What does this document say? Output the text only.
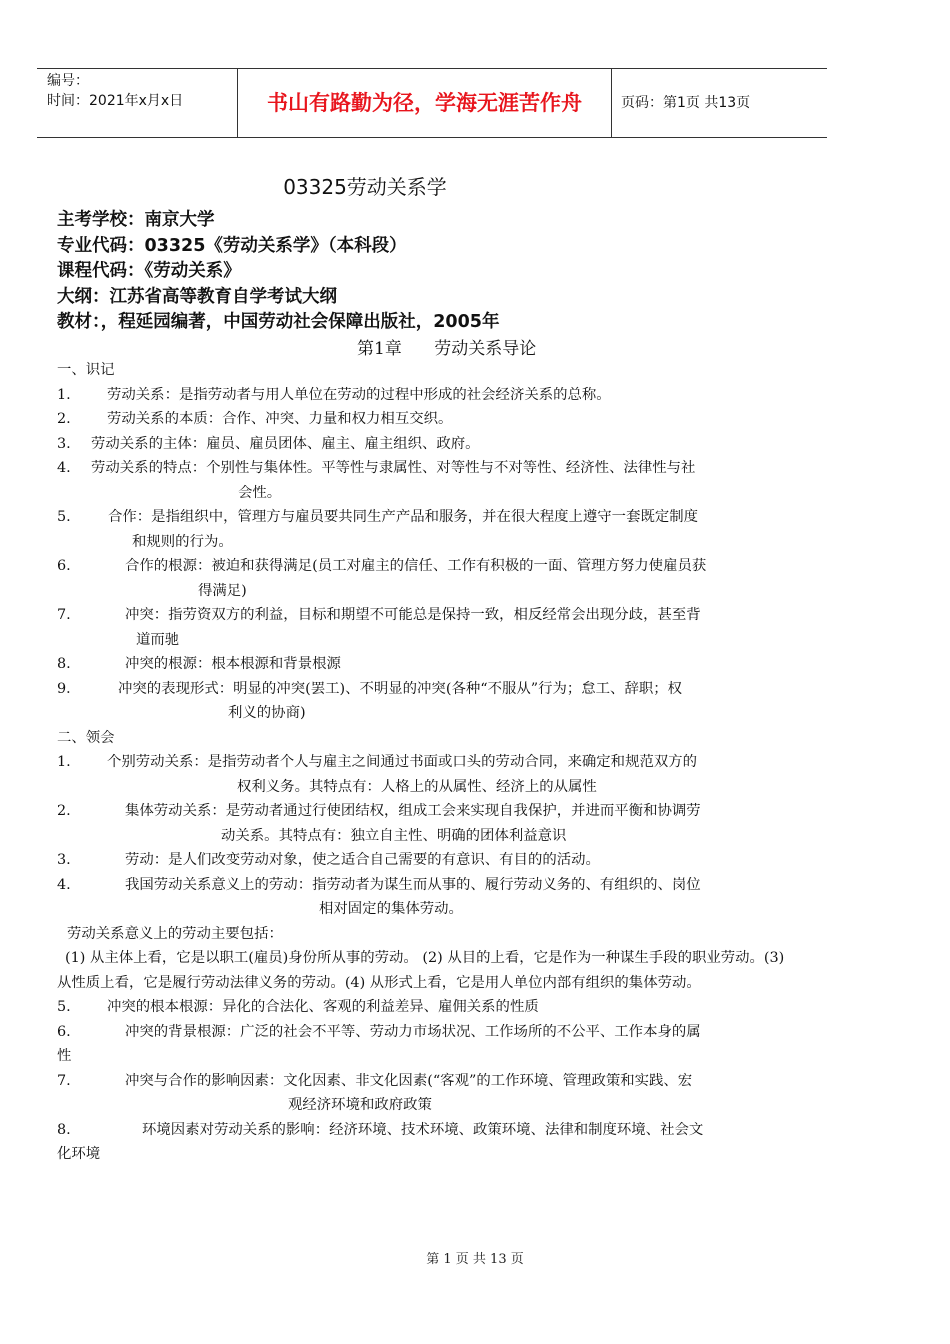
编号：
时间：2021年x月x日	书山有路勤为径，学海无涯苦作舟	页码：第1页 共13页
03325劳动关系学
主考学校：南京大学
专业代码：03325《劳动关系学》（本科段）
课程代码：《劳动关系》
大纲：江苏省高等教育自学考试大纲
教材：，程延园编著，中国劳动社会保障出版社，2005年
第1章      劳动关系导论
一、识记
1.	劳动关系：是指劳动者与用人单位在劳动的过程中形成的社会经济关系的总称。
2.	劳动关系的本质：合作、冲突、力量和权力相互交织。
3. 劳动关系的主体：雇员、雇员团体、雇主、雇主组织、政府。
4. 劳动关系的特点：个别性与集体性。平等性与隶属性、对等性与不对等性、经济性、法律性与社
会性。
5.	合作：是指组织中，管理方与雇员要共同生产产品和服务，并在很大程度上遵守一套既定制度
和规则的行为。
6.	合作的根源：被迫和获得满足(员工对雇主的信任、工作有积极的一面、管理方努力使雇员获
得满足)
7.	冲突：指劳资双方的利益，目标和期望不可能总是保持一致，相反经常会出现分歧，甚至背
道而驰
8.	冲突的根源：根本根源和背景根源
9．	冲突的表现形式：明显的冲突(罢工)、不明显的冲突(各种“不服从”行为；怠工、辞职；权
利义的协商)
二、领会
1.	个别劳动关系：是指劳动者个人与雇主之间通过书面或口头的劳动合同，来确定和规范双方的
权利义务。其特点有：人格上的从属性、经济上的从属性
2.	集体劳动关系：是劳动者通过行使团结权，组成工会来实现自我保护，并进而平衡和协调劳
动关系。其特点有：独立自主性、明确的团体利益意识
3.	劳动：是人们改变劳动对象，使之适合自己需要的有意识、有目的的活动。
4.	我国劳动关系意义上的劳动：指劳动者为谋生而从事的、履行劳动义务的、有组织的、岗位
相对固定的集体劳动。
劳动关系意义上的劳动主要包括：
(1) 从主体上看，它是以职工(雇员)身份所从事的劳动。 (2) 从目的上看，它是作为一种谋生手段的职业劳动。(3) 从性质上看，它是履行劳动法律义务的劳动。(4) 从形式上看，它是用人单位内部有组织的集体劳动。
5.	冲突的根本根源：异化的合法化、客观的利益差异、雇佣关系的性质
6.	冲突的背景根源：广泛的社会不平等、劳动力市场状况、工作场所的不公平、工作本身的属
性
7.	冲突与合作的影响因素：文化因素、非文化因素(“客观”的工作环境、管理政策和实践、宏
观经济环境和政府政策
8.	环境因素对劳动关系的影响：经济环境、技术环境、政策环境、法律和制度环境、社会文
化环境
第 1 页 共 13 页
